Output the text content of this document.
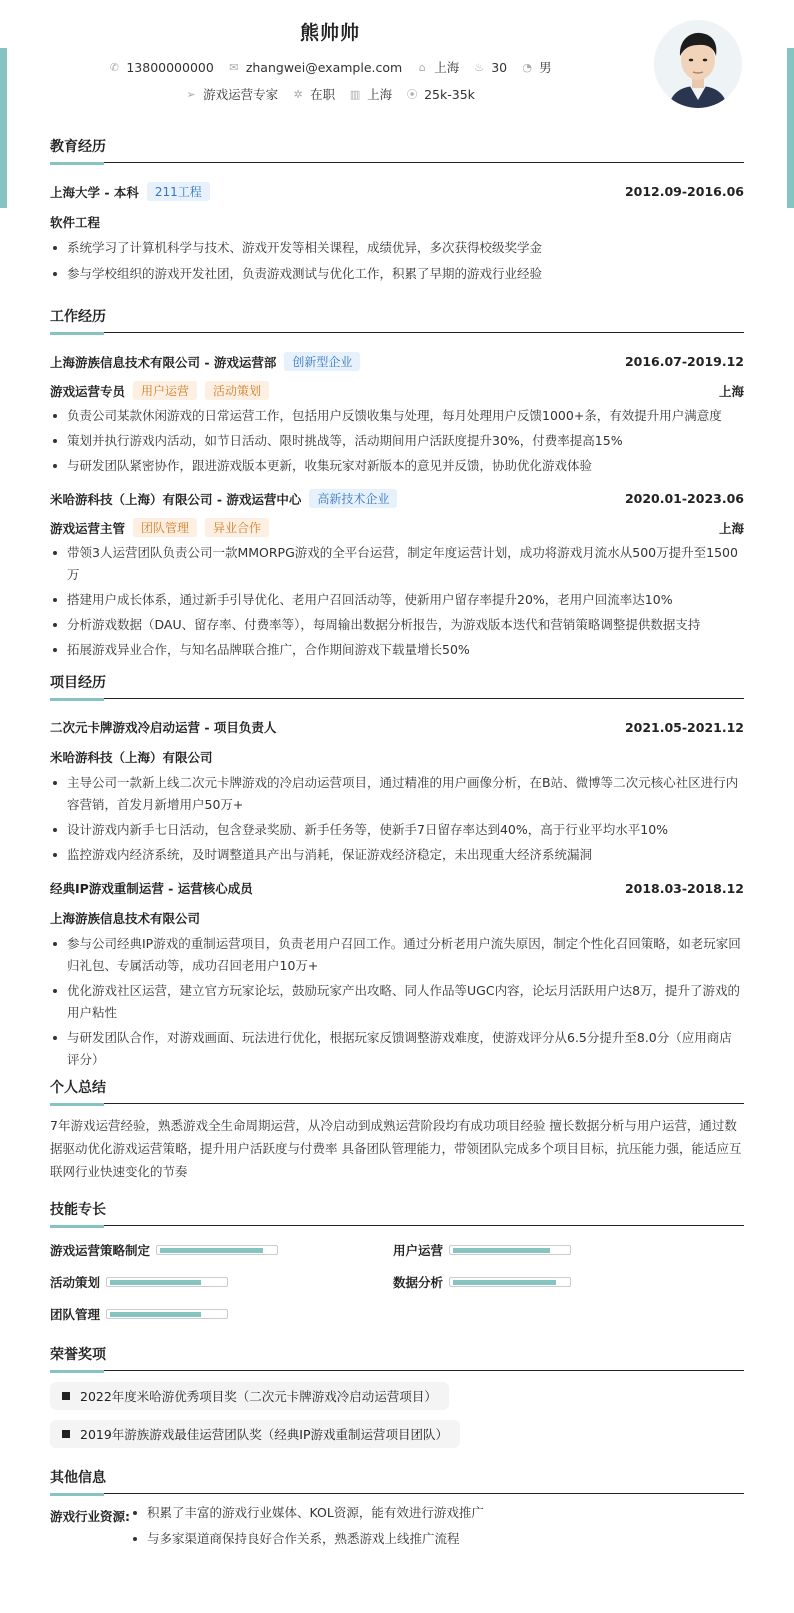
熊帅帅
✆ 13800000000 ✉ zhangwei@example.com ⌂ 上海 ♨ 30 ◔ 男
➢ 游戏运营专家 ✲ 在职 ▥ 上海 ⦿ 25k-35k
教育经历
上海大学 - 本科	211工程	2012.09-2016.06
软件工程
系统学习了计算机科学与技术、游戏开发等相关课程，成绩优异，多次获得校级奖学金
参与学校组织的游戏开发社团，负责游戏测试与优化工作，积累了早期的游戏行业经验
工作经历
上海游族信息技术有限公司 - 游戏运营部	创新型企业	2016.07-2019.12
游戏运营专员	用户运营	活动策划	上海
负责公司某款休闲游戏的日常运营工作，包括用户反馈收集与处理，每月处理用户反馈1000+条，有效提升用户满意度
策划并执行游戏内活动，如节日活动、限时挑战等，活动期间用户活跃度提升30%，付费率提高15%
与研发团队紧密协作，跟进游戏版本更新，收集玩家对新版本的意见并反馈，协助优化游戏体验
米哈游科技（上海）有限公司 - 游戏运营中心	高新技术企业	2020.01-2023.06
游戏运营主管	团队管理	异业合作	上海
带领3人运营团队负责公司一款MMORPG游戏的全平台运营，制定年度运营计划，成功将游戏月流水从500万提升至1500万
搭建用户成长体系，通过新手引导优化、老用户召回活动等，使新用户留存率提升20%，老用户回流率达10%
分析游戏数据（DAU、留存率、付费率等），每周输出数据分析报告，为游戏版本迭代和营销策略调整提供数据支持
拓展游戏异业合作，与知名品牌联合推广，合作期间游戏下载量增长50%
项目经历
二次元卡牌游戏冷启动运营 - 项目负责人	2021.05-2021.12
米哈游科技（上海）有限公司
主导公司一款新上线二次元卡牌游戏的冷启动运营项目，通过精准的用户画像分析，在B站、微博等二次元核心社区进行内容营销，首发月新增用户50万+
设计游戏内新手七日活动，包含登录奖励、新手任务等，使新手7日留存率达到40%，高于行业平均水平10%
监控游戏内经济系统，及时调整道具产出与消耗，保证游戏经济稳定，未出现重大经济系统漏洞
经典IP游戏重制运营 - 运营核心成员	2018.03-2018.12
上海游族信息技术有限公司
参与公司经典IP游戏的重制运营项目，负责老用户召回工作。通过分析老用户流失原因，制定个性化召回策略，如老玩家回归礼包、专属活动等，成功召回老用户10万+
优化游戏社区运营，建立官方玩家论坛，鼓励玩家产出攻略、同人作品等UGC内容，论坛月活跃用户达8万，提升了游戏的用户粘性
与研发团队合作，对游戏画面、玩法进行优化，根据玩家反馈调整游戏难度，使游戏评分从6.5分提升至8.0分（应用商店评分）
个人总结
7年游戏运营经验，熟悉游戏全生命周期运营，从冷启动到成熟运营阶段均有成功项目经验 擅长数据分析与用户运营，通过数据驱动优化游戏运营策略，提升用户活跃度与付费率 具备团队管理能力，带领团队完成多个项目目标，抗压能力强，能适应互联网行业快速变化的节奏
技能专长
游戏运营策略制定	用户运营
活动策划	数据分析
团队管理
荣誉奖项
2022年度米哈游优秀项目奖（二次元卡牌游戏冷启动运营项目）
2019年游族游戏最佳运营团队奖（经典IP游戏重制运营项目团队）
其他信息
游戏行业资源:	积累了丰富的游戏行业媒体、KOL资源，能有效进行游戏推广
与多家渠道商保持良好合作关系，熟悉游戏上线推广流程
